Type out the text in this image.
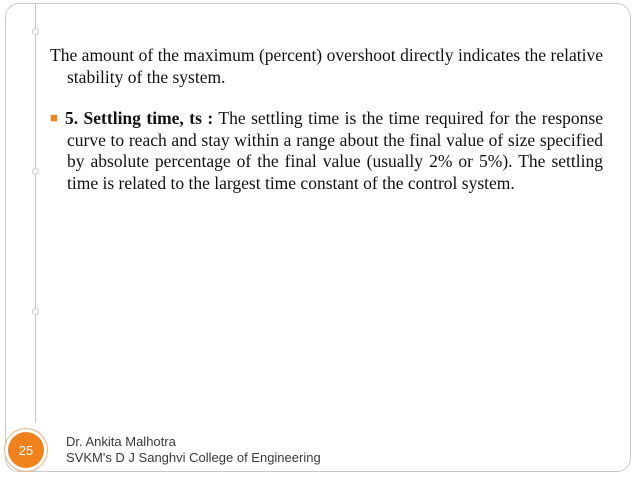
The amount of the maximum (percent) overshoot directly indicates the relative stability of the system.

■ 5. Settling time, ts : The settling time is the time required for the response curve to reach and stay within a range about the final value of size specified by absolute percentage of the final value (usually 2% or 5%). The settling time is related to the largest time constant of the control system.

25
Dr. Ankita Malhotra
SVKM's D J Sanghvi College of Engineering
